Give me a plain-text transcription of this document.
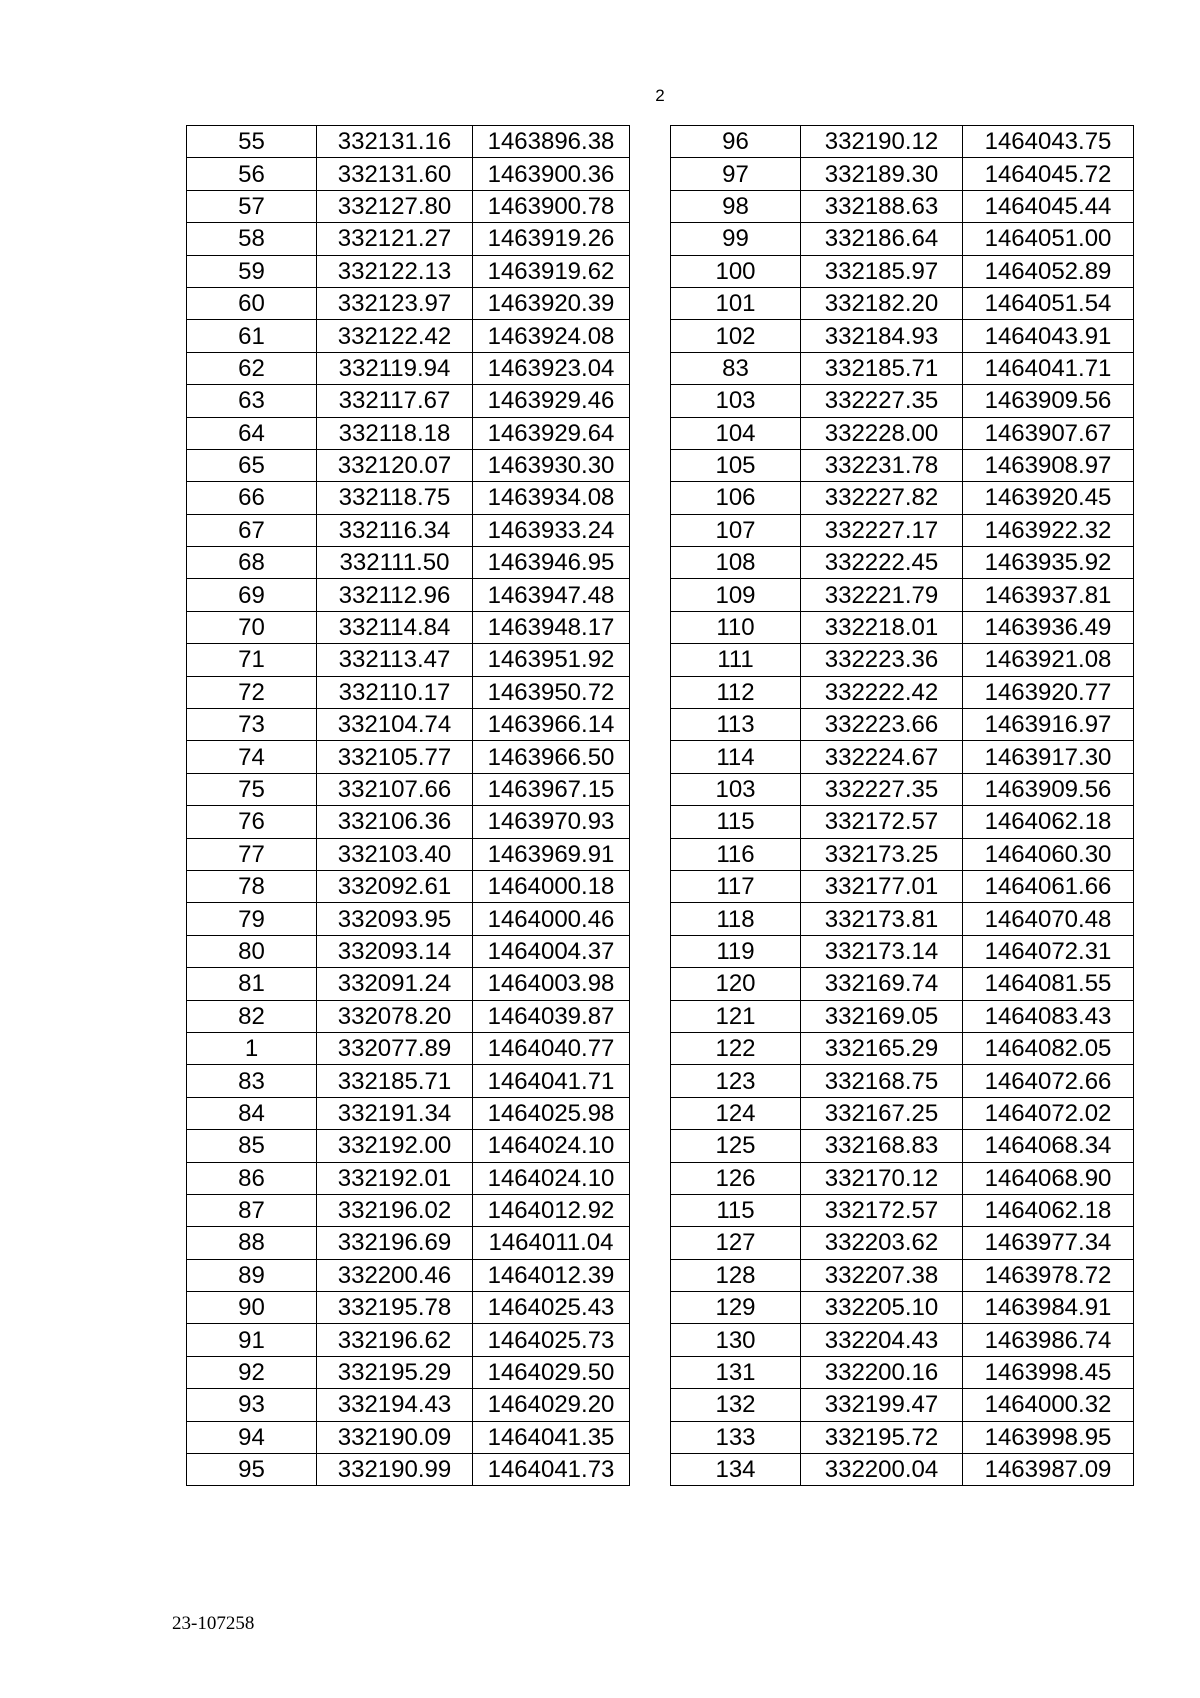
2
55	332131.16	1463896.38
56	332131.60	1463900.36
57	332127.80	1463900.78
58	332121.27	1463919.26
59	332122.13	1463919.62
60	332123.97	1463920.39
61	332122.42	1463924.08
62	332119.94	1463923.04
63	332117.67	1463929.46
64	332118.18	1463929.64
65	332120.07	1463930.30
66	332118.75	1463934.08
67	332116.34	1463933.24
68	332111.50	1463946.95
69	332112.96	1463947.48
70	332114.84	1463948.17
71	332113.47	1463951.92
72	332110.17	1463950.72
73	332104.74	1463966.14
74	332105.77	1463966.50
75	332107.66	1463967.15
76	332106.36	1463970.93
77	332103.40	1463969.91
78	332092.61	1464000.18
79	332093.95	1464000.46
80	332093.14	1464004.37
81	332091.24	1464003.98
82	332078.20	1464039.87
1	332077.89	1464040.77
83	332185.71	1464041.71
84	332191.34	1464025.98
85	332192.00	1464024.10
86	332192.01	1464024.10
87	332196.02	1464012.92
88	332196.69	1464011.04
89	332200.46	1464012.39
90	332195.78	1464025.43
91	332196.62	1464025.73
92	332195.29	1464029.50
93	332194.43	1464029.20
94	332190.09	1464041.35
95	332190.99	1464041.73
96	332190.12	1464043.75
97	332189.30	1464045.72
98	332188.63	1464045.44
99	332186.64	1464051.00
100	332185.97	1464052.89
101	332182.20	1464051.54
102	332184.93	1464043.91
83	332185.71	1464041.71
103	332227.35	1463909.56
104	332228.00	1463907.67
105	332231.78	1463908.97
106	332227.82	1463920.45
107	332227.17	1463922.32
108	332222.45	1463935.92
109	332221.79	1463937.81
110	332218.01	1463936.49
111	332223.36	1463921.08
112	332222.42	1463920.77
113	332223.66	1463916.97
114	332224.67	1463917.30
103	332227.35	1463909.56
115	332172.57	1464062.18
116	332173.25	1464060.30
117	332177.01	1464061.66
118	332173.81	1464070.48
119	332173.14	1464072.31
120	332169.74	1464081.55
121	332169.05	1464083.43
122	332165.29	1464082.05
123	332168.75	1464072.66
124	332167.25	1464072.02
125	332168.83	1464068.34
126	332170.12	1464068.90
115	332172.57	1464062.18
127	332203.62	1463977.34
128	332207.38	1463978.72
129	332205.10	1463984.91
130	332204.43	1463986.74
131	332200.16	1463998.45
132	332199.47	1464000.32
133	332195.72	1463998.95
134	332200.04	1463987.09
23-107258
